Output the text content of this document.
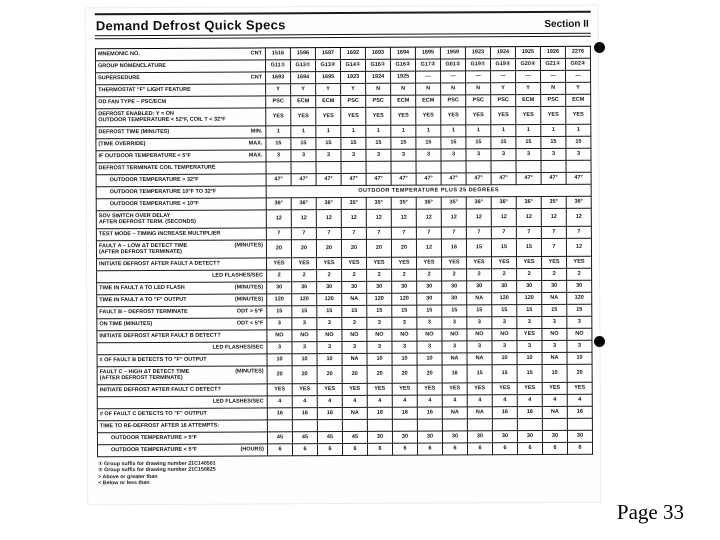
Demand Defrost Quick Specs	Section II
MNEMONIC NO. CNT	1516	1596	1597	1692	1693	1694	1695	1959	1923	1924	1925	1926	2276

GROUP NOMENCLATURE	G11①	G13①	G13②	G14①	G16①	G16②	G17②	G01②	G19①	G19②	G20②	G21①	G02②

SUPERSEDURE CNT	1693	1694	1695	1923	1924	1925	—	—	—	—	—	—	—

THERMOSTAT "F" LIGHT FEATURE	Y	Y	Y	Y	N	N	N	N	N	Y	Y	N	Y

OD FAN TYPE – PSC/ECM	PSC	ECM	ECM	PSC	PSC	ECM	ECM	PSC	PSC	PSC	ECM	PSC	ECM

DEFROST ENABLED: Y = ON
OUTDOOR TEMPERATURE < 52°F, COIL T < 32°F	YES	YES	YES	YES	YES	YES	YES	YES	YES	YES	YES	YES	YES

DEFROST TIME (MINUTES) MIN.	1	1	1	1	1	1	1	1	1	1	1	1	1

(TIME OVERRIDE) MAX.	15	15	15	15	15	15	15	15	15	15	15	15	15

IF OUTDOOR TEMPERATURE < 5°F MAX.	3	3	3	3	3	3	3	3	3	3	3	3	3

DEFROST TERMINATE COIL TEMPERATURE													

OUTDOOR TEMPERATURE > 32°F	47°	47°	47°	47°	47°	47°	47°	47°	47°	47°	47°	47°	47°

OUTDOOR TEMPERATURE 10°F TO 32°F	OUTDOOR TEMPERATURE PLUS 25 DEGREES												

OUTDOOR TEMPERATURE < 10°F	36°	36°	36°	35°	35°	35°	36°	35°	36°	36°	36°	35°	36°

SOV SWITCH OVER DELAY
AFTER DEFROST TERM. (SECONDS)	12	12	12	12	12	12	12	12	12	12	12	12	12

TEST MODE – TIMING INCREASE MULTIPLIER	7	7	7	7	7	7	7	7	7	7	7	7	7

FAULT A – LOW ΔT DETECT TIME (MINUTES)
(AFTER DEFROST TERMINATE)	20	20	20	20	20	20	12	16	15	15	15	7	12

INITIATE DEFROST AFTER FAULT A DETECT?	YES	YES	YES	YES	YES	YES	YES	YES	YES	YES	YES	YES	YES

LED FLASHES/SEC	2	2	2	2	2	2	2	2	2	2	2	2	2

TIME IN FAULT A TO LED FLASH (MINUTES)	30	30	30	30	30	30	30	30	30	30	30	30	30

TIME IN FAULT A TO "F" OUTPUT (MINUTES)	120	120	120	NA	120	120	30	30	NA	120	120	NA	120

FAULT B – DEFROST TERMINATE ODT > 5°F	15	15	15	15	15	15	15	15	15	15	15	15	15

ON TIME (MINUTES) ODT < 5°F	3	3	3	3	3	3	3	3	3	3	3	3	3

INITIATE DEFROST AFTER FAULT B DETECT?	NO	NO	NO	NO	NO	NO	NO	NO	NO	NO	YES	NO	NO

LED FLASHES/SEC	3	3	3	3	3	3	3	3	3	3	3	3	3

# OF FAULT B DETECTS TO "F" OUTPUT	10	10	10	NA	10	10	10	NA	NA	10	10	NA	10

FAULT C – HIGH ΔT DETECT TIME (MINUTES)
(AFTER DEFROST TERMINATE)	20	20	20	20	20	20	20	16	15	15	15	15	20

INITIATE DEFROST AFTER FAULT C DETECT?	YES	YES	YES	YES	YES	YES	YES	YES	YES	YES	YES	YES	YES

LED FLASHES/SEC	4	4	4	4	4	4	4	4	4	4	4	4	4

# OF FAULT C DETECTS TO "F" OUTPUT	16	16	16	NA	16	16	16	NA	NA	16	16	NA	16

TIME TO RE-DEFROST AFTER 16 ATTEMPTS:													

OUTDOOR TEMPERATURE > 5°F	45	45	45	45	30	30	30	30	30	30	30	30	30

OUTDOOR TEMPERATURE < 5°F (HOURS)	6	6	6	6	6	6	6	6	6	6	6	6	6
① Group suffix for drawing number 21C140501
② Group suffix for drawing number 21C150825
> Above or greater than
< Below or less than
Page 33
